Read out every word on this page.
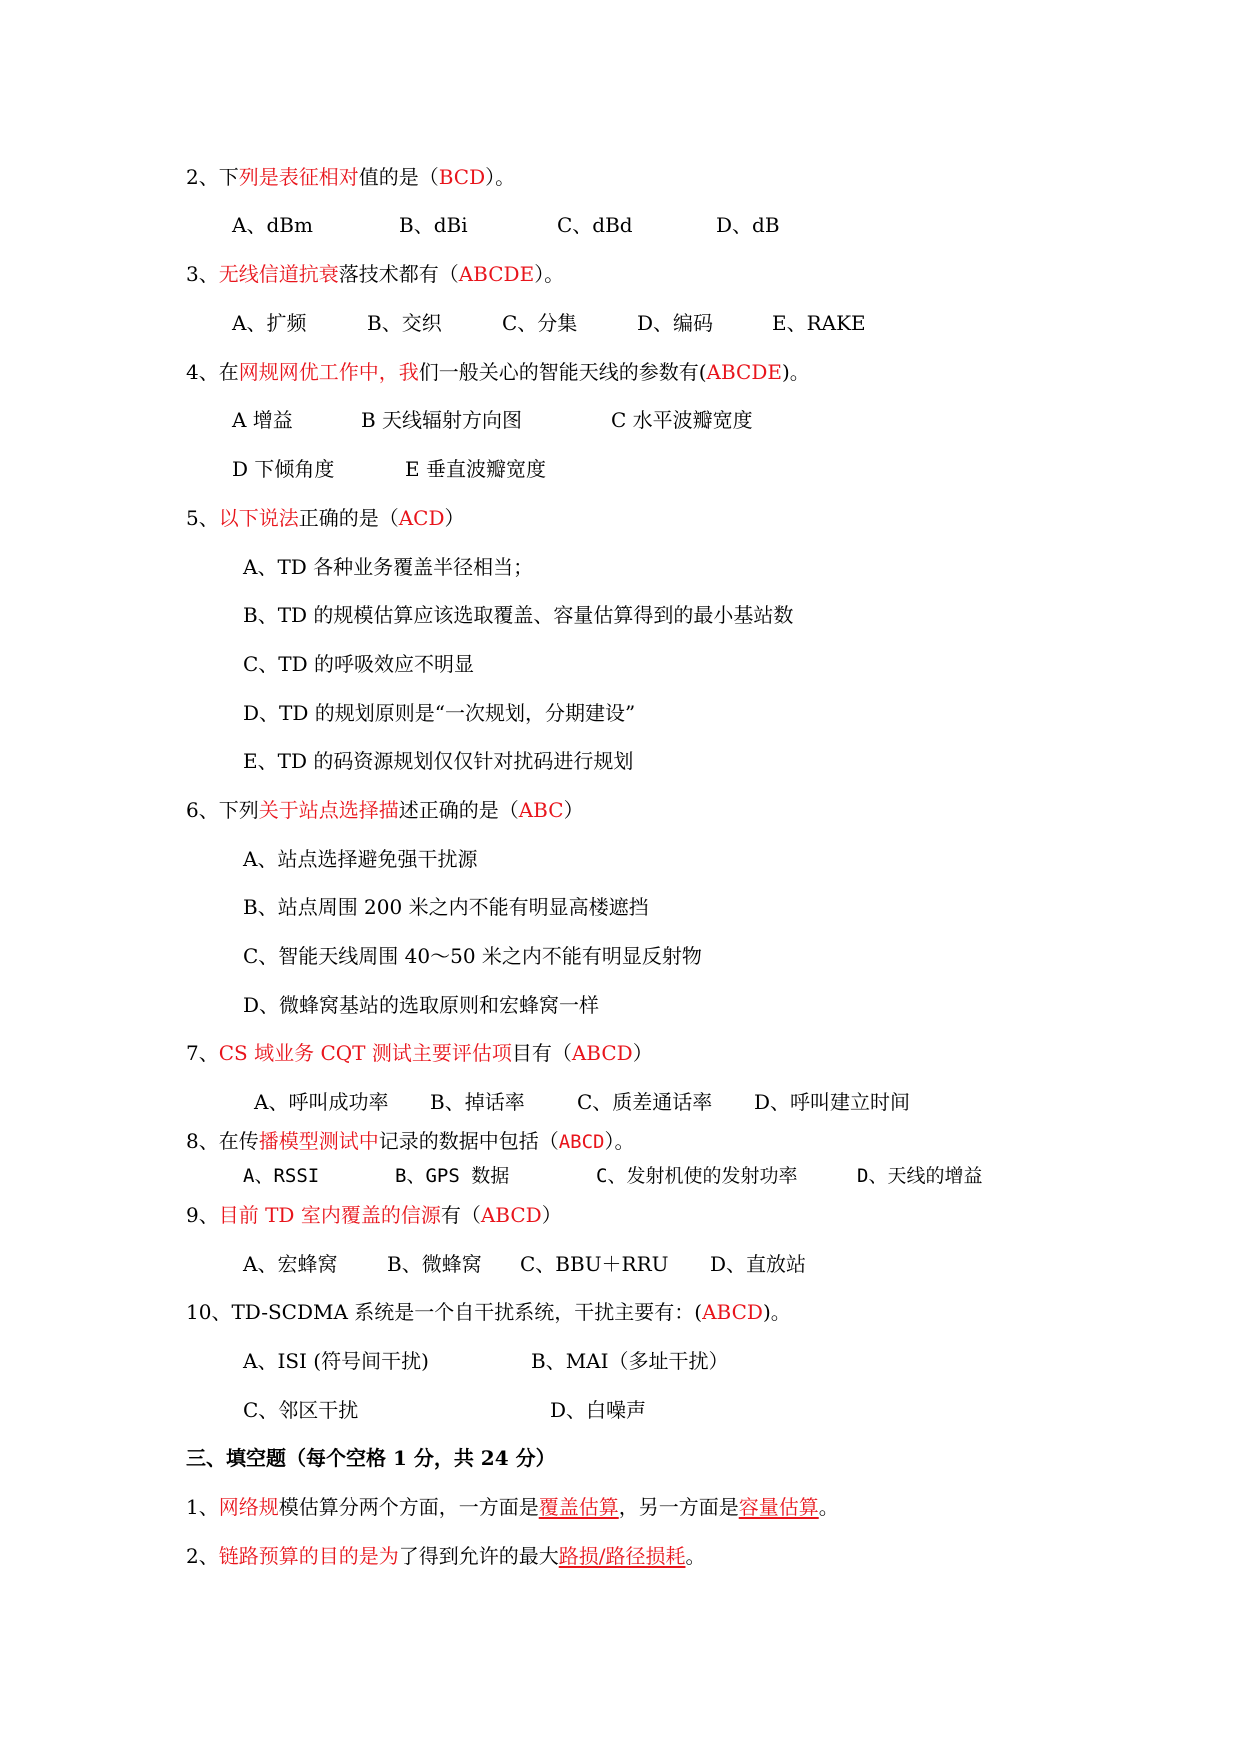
2、下列是表征相对值的是（BCD）。
A、dBm	B、dBi	C、dBd	D、dB
3、无线信道抗衰落技术都有（ABCDE）。
A、扩频	B、交织	C、分集	D、编码	E、RAKE
4、在网规网优工作中，我们一般关心的智能天线的参数有(ABCDE)。
A 增益	B 天线辐射方向图	C 水平波瓣宽度
D 下倾角度	E 垂直波瓣宽度
5、以下说法正确的是（ACD）
A、TD 各种业务覆盖半径相当；
B、TD 的规模估算应该选取覆盖、容量估算得到的最小基站数
C、TD 的呼吸效应不明显
D、TD 的规划原则是“一次规划，分期建设”
E、TD 的码资源规划仅仅针对扰码进行规划
6、下列关于站点选择描述正确的是（ABC）
A、站点选择避免强干扰源
B、站点周围 200 米之内不能有明显高楼遮挡
C、智能天线周围 40～50 米之内不能有明显反射物
D、微蜂窝基站的选取原则和宏蜂窝一样
7、CS 域业务 CQT 测试主要评估项目有（ABCD）
A、呼叫成功率 B、掉话率	C、质差通话率 D、呼叫建立时间
8、在传播模型测试中记录的数据中包括（ABCD）。
A、RSSI	B、GPS 数据	C、发射机使的发射功率	D、天线的增益
9、目前 TD 室内覆盖的信源有（ABCD）
A、宏蜂窝 B、微蜂窝 C、BBU＋RRU D、直放站
10、TD-SCDMA 系统是一个自干扰系统，干扰主要有：(ABCD)。
A、ISI (符号间干扰)	B、MAI（多址干扰）
C、邻区干扰	D、白噪声
三、填空题（每个空格 1 分，共 24 分）
1、网络规模估算分两个方面，一方面是覆盖估算，另一方面是容量估算。
2、链路预算的目的是为了得到允许的最大路损/路径损耗。
